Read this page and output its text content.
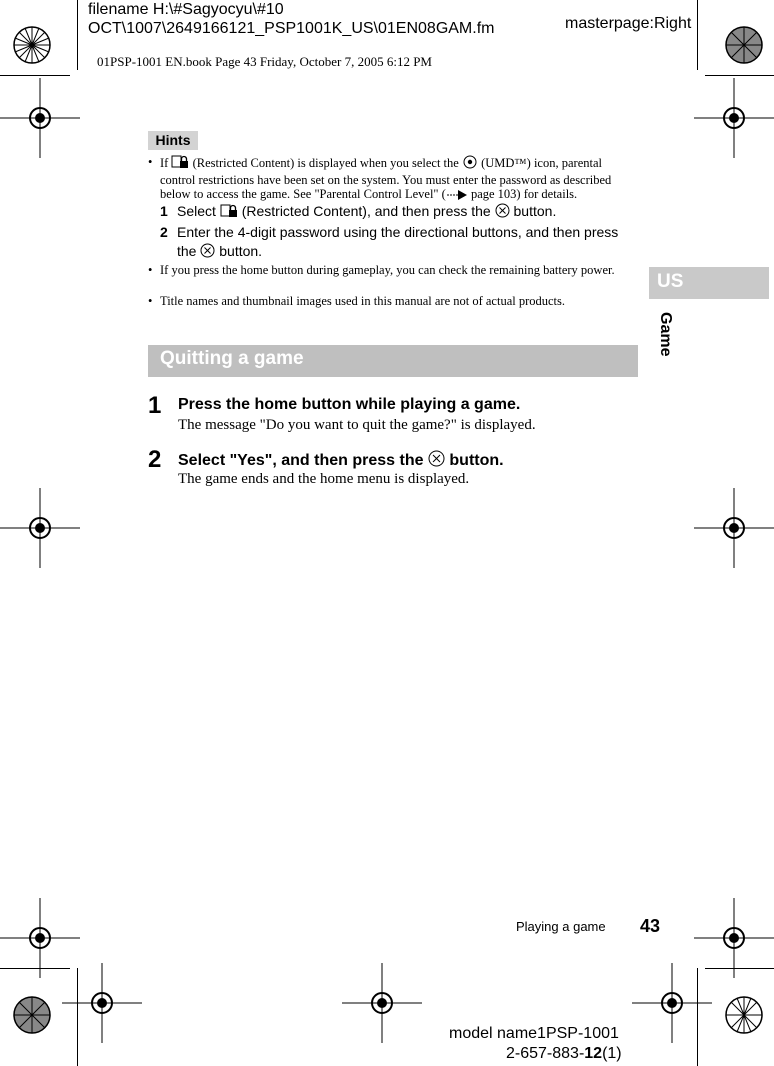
filename H:\#Sagyocyu\#10
OCT\1007\2649166121_PSP1001K_US\01EN08GAM.fm	masterpage:Right
01PSP-1001 EN.book Page 43 Friday, October 7, 2005 6:12 PM
Hints
• If (Restricted Content) is displayed when you select the (UMD™) icon, parental control restrictions have been set on the system. You must enter the password as described below to access the game. See "Parental Control Level" ( page 103) for details.
1 Select (Restricted Content), and then press the button.
2 Enter the 4-digit password using the directional buttons, and then press the button.
• If you press the home button during gameplay, you can check the remaining battery power.
• Title names and thumbnail images used in this manual are not of actual products.
Quitting a game
1 Press the home button while playing a game.
The message "Do you want to quit the game?" is displayed.
2 Select "Yes", and then press the button.
The game ends and the home menu is displayed.
US
Game
Playing a game 43
model name1PSP-1001
2-657-883-12(1)
